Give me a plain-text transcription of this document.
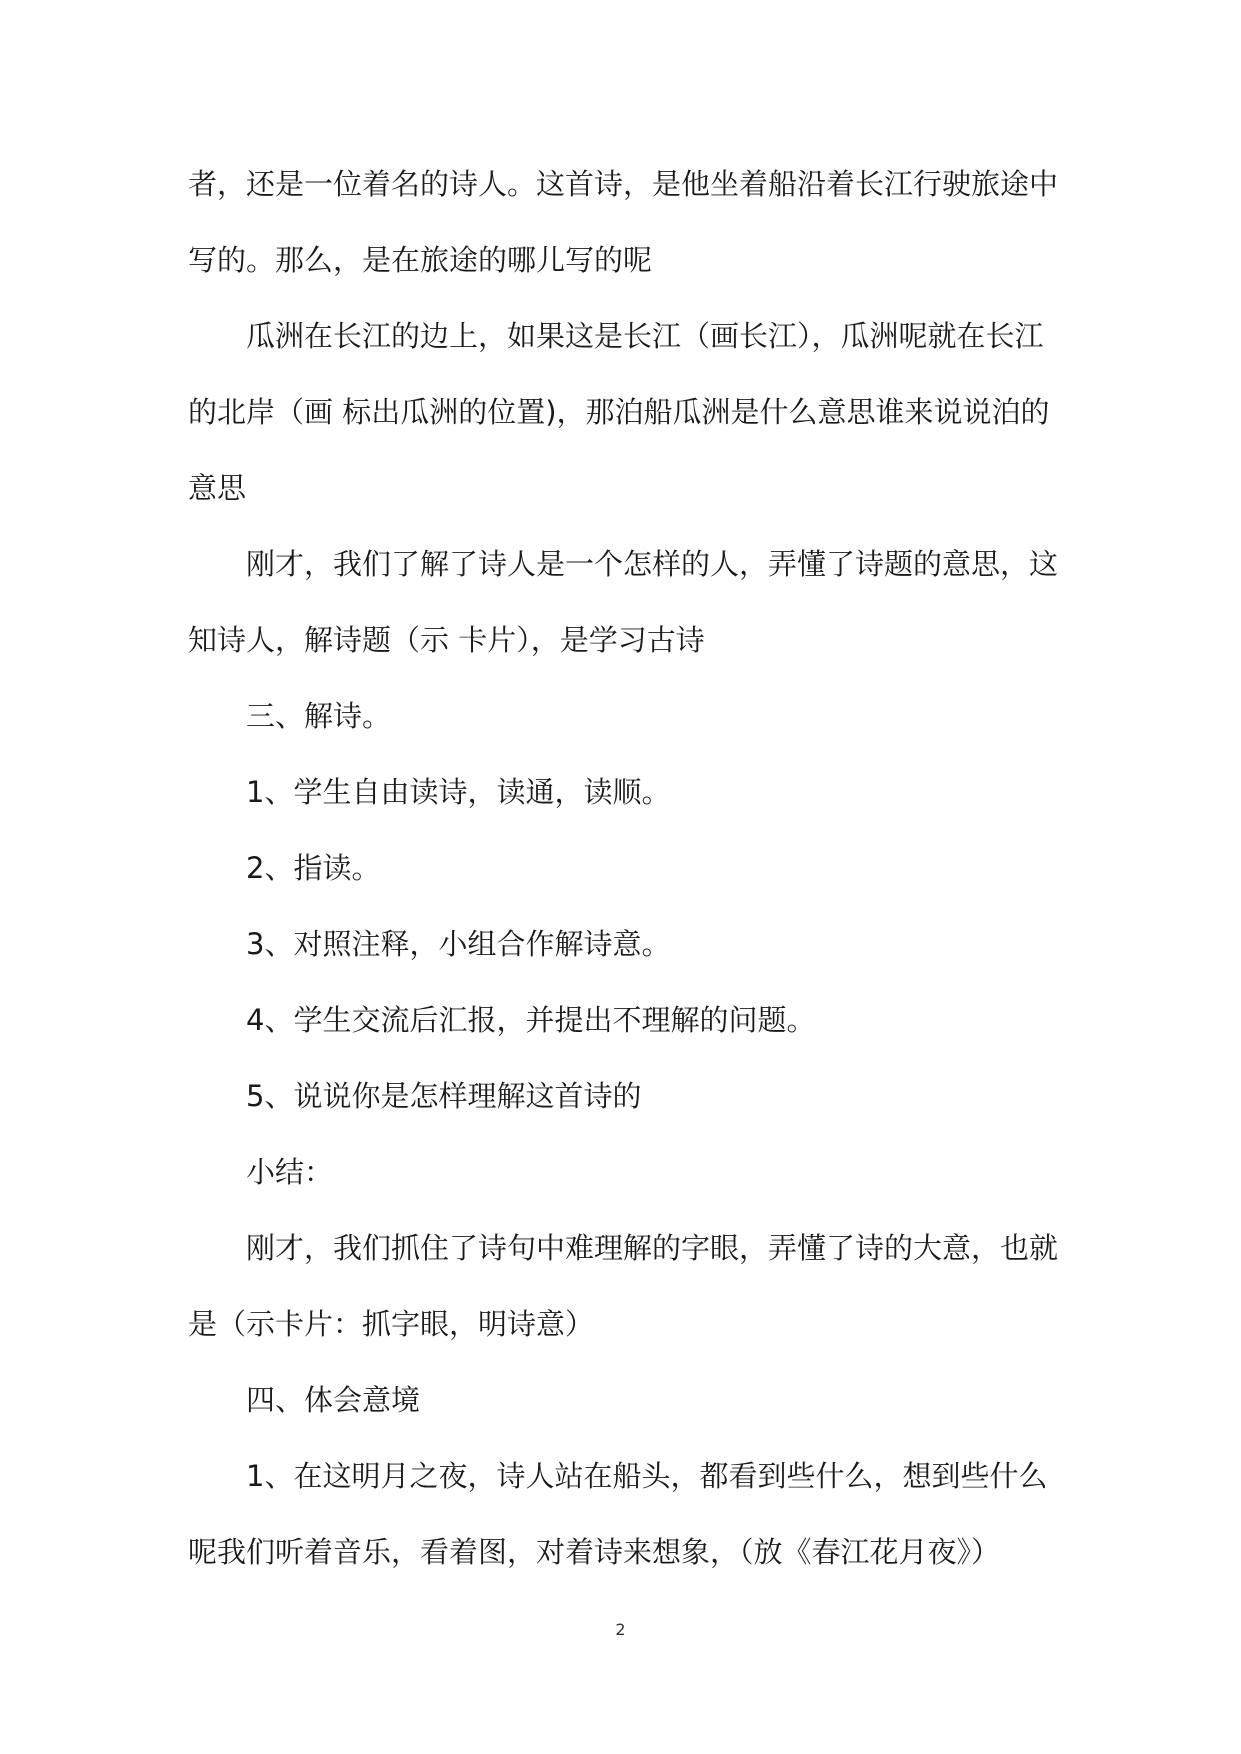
者，还是一位着名的诗人。这首诗，是他坐着船沿着长江行驶旅途中
写的。那么，是在旅途的哪儿写的呢
瓜洲在长江的边上，如果这是长江（画长江），瓜洲呢就在长江
的北岸（画 标出瓜洲的位置)，那泊船瓜洲是什么意思谁来说说泊的
意思
刚才，我们了解了诗人是一个怎样的人，弄懂了诗题的意思，这
知诗人，解诗题（示 卡片），是学习古诗
三、解诗。
1、学生自由读诗，读通，读顺。
2、指读。
3、对照注释，小组合作解诗意。
4、学生交流后汇报，并提出不理解的问题。
5、说说你是怎样理解这首诗的
小结：
刚才，我们抓住了诗句中难理解的字眼，弄懂了诗的大意，也就
是（示卡片：抓字眼，明诗意）
四、体会意境
1、在这明月之夜，诗人站在船头，都看到些什么，想到些什么
呢我们听着音乐，看着图，对着诗来想象，（放《春江花月夜》）
2
